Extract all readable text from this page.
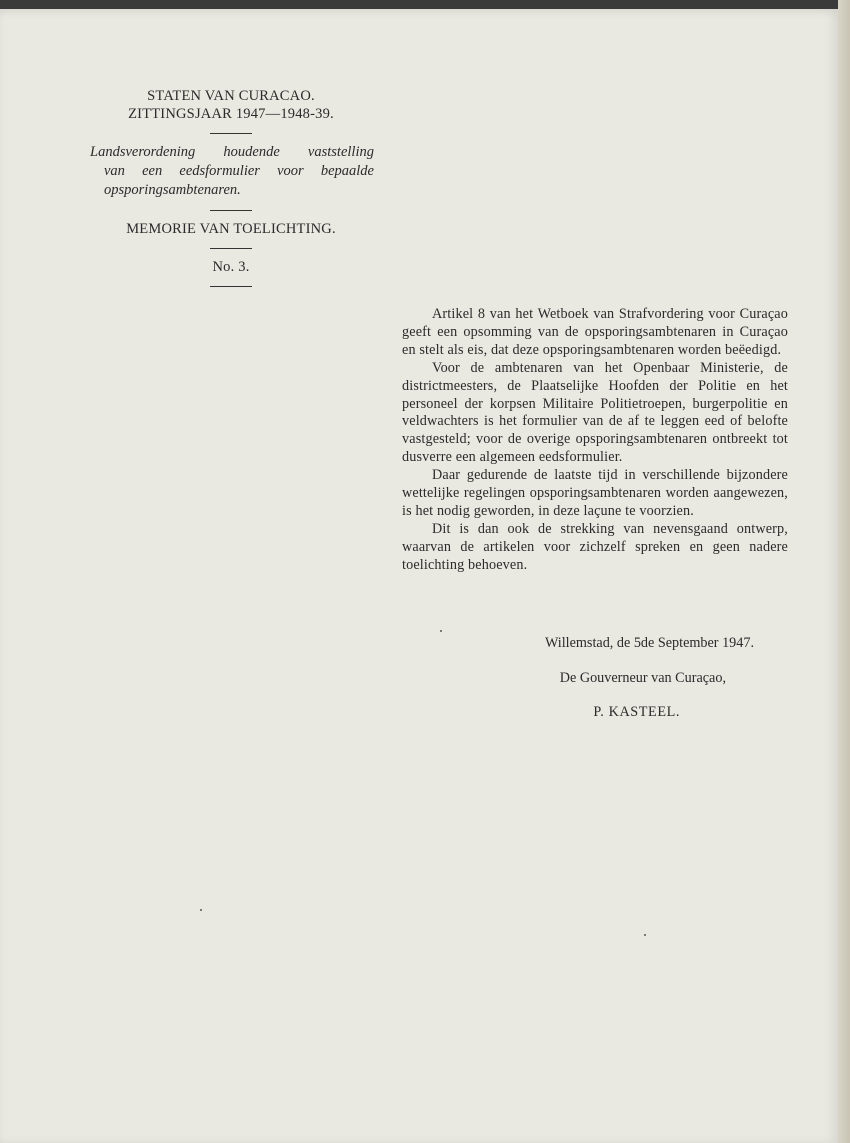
STATEN VAN CURACAO.
ZITTINGSJAAR 1947—1948-39.
Landsverordening houdende vaststelling
van een eedsformulier voor bepaalde
opsporingsambtenaren.
MEMORIE VAN TOELICHTING.
No. 3.

Artikel 8 van het Wetboek van Strafvordering voor Curaçao geeft een opsomming van de opsporingsambtenaren in Curaçao en stelt als eis, dat deze opsporingsambtenaren worden beëedigd.

Voor de ambtenaren van het Openbaar Ministerie, de districtmeesters, de Plaatselijke Hoofden der Politie en het personeel der korpsen Militaire Politietroepen, burgerpolitie en veldwachters is het formulier van de af te leggen eed of belofte vastgesteld; voor de overige opsporingsambtenaren ontbreekt tot dusverre een algemeen eedsformulier.

Daar gedurende de laatste tijd in verschillende bijzondere wettelijke regelingen opsporingsambtenaren worden aangewezen, is het nodig geworden, in deze laçune te voorzien.

Dit is dan ook de strekking van nevensgaand ontwerp, waarvan de artikelen voor zichzelf spreken en geen nadere toelichting behoeven.

Willemstad, de 5de September 1947.
De Gouverneur van Curaçao,
P. KASTEEL.
